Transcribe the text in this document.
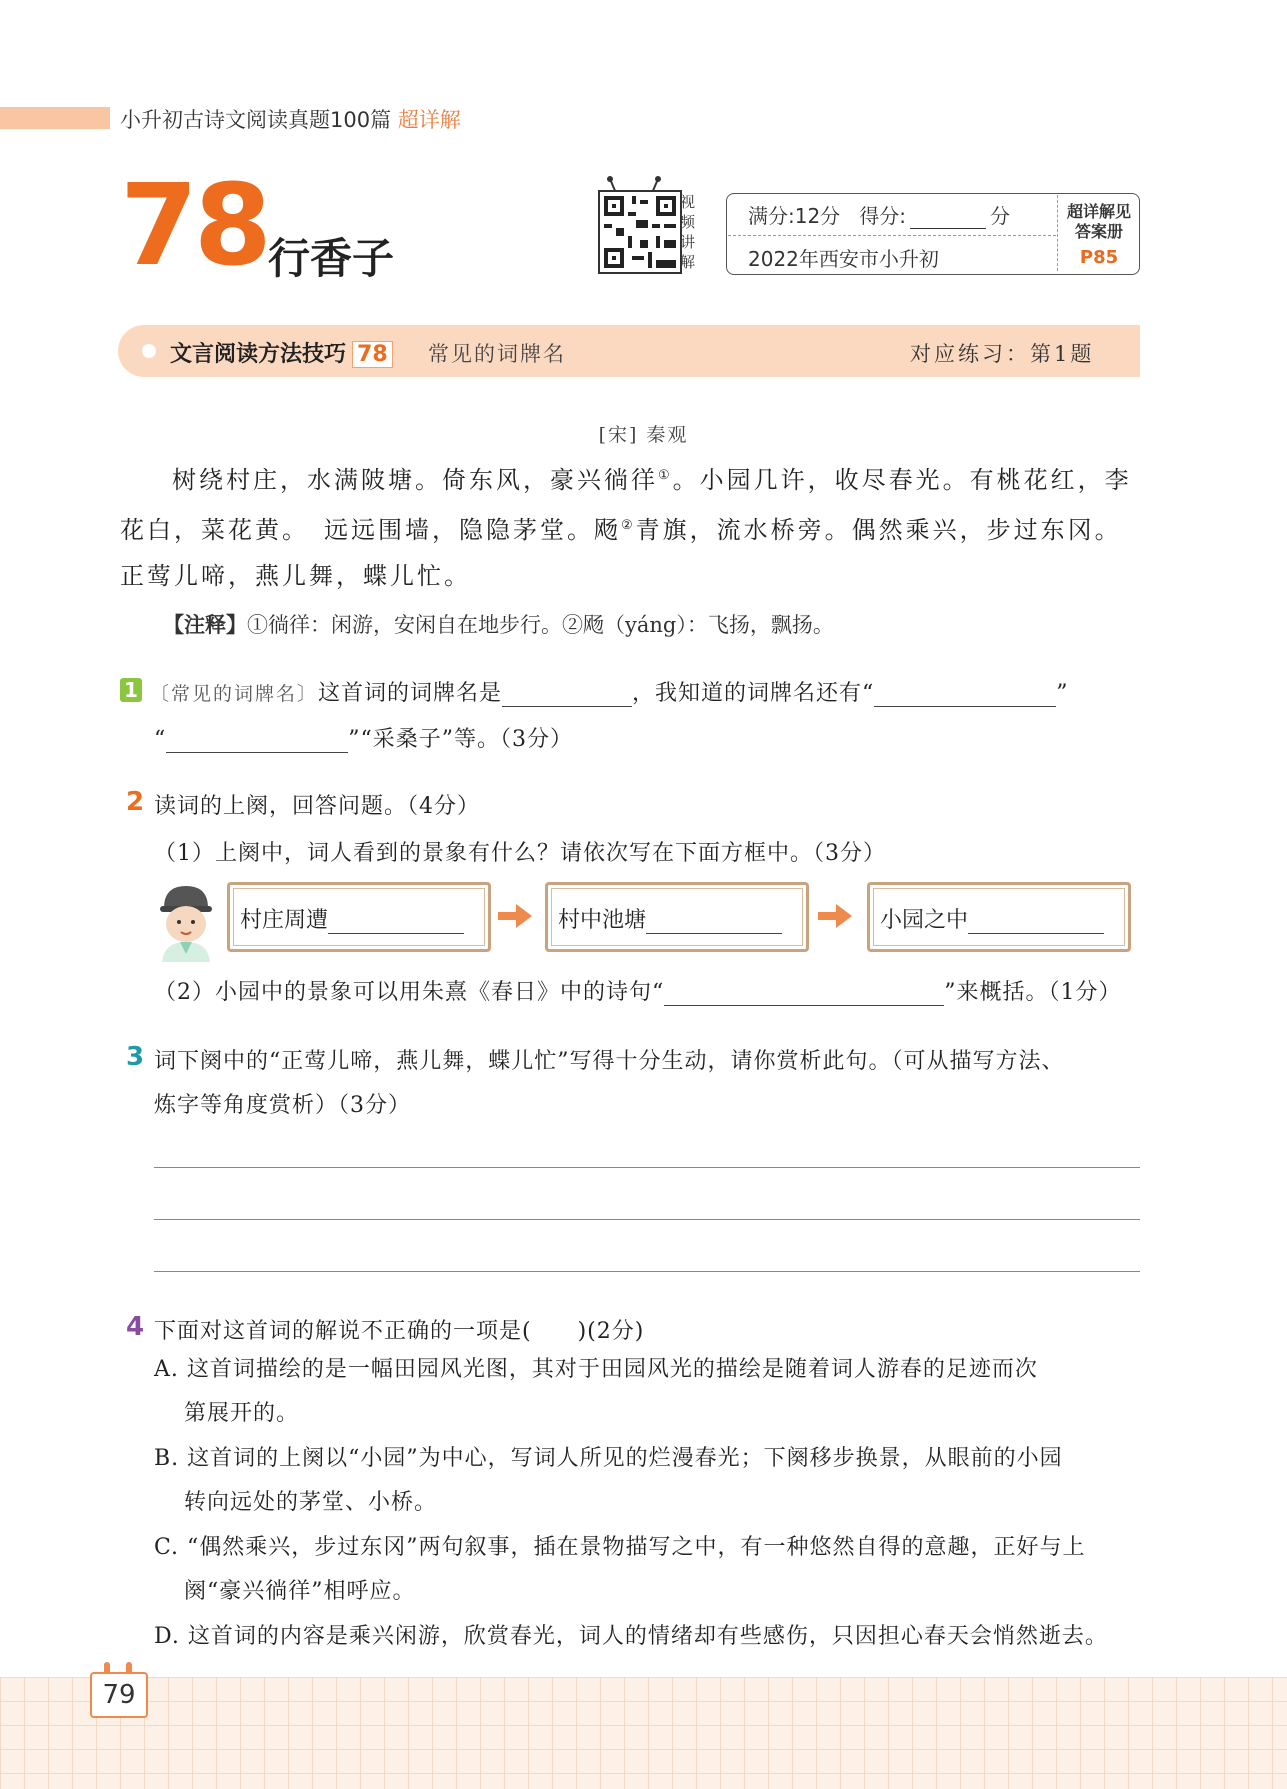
小升初古诗文阅读真题100篇 超详解
78 行香子
视频讲解
满分:12分 得分:	分
2022年西安市小升初
超详解见
答案册
P85
文言阅读方法技巧 78 常见的词牌名	对应练习：第1题
[宋] 秦观
树绕村庄，水满陂塘。倚东风，豪兴徜徉①。小园几许，收尽春光。有桃花红，李花白，菜花黄。　远远围墙，隐隐茅堂。飏②青旗，流水桥旁。偶然乘兴，步过东冈。正莺儿啼，燕儿舞，蝶儿忙。
【注释】①徜徉：闲游，安闲自在地步行。②飏（yáng）：飞扬，飘扬。
1 〔常见的词牌名〕这首词的词牌名是	，我知道的词牌名还有“	”
“	”“采桑子”等。（3分）
2 读词的上阕，回答问题。（4分）
（1）上阕中，词人看到的景象有什么？请依次写在下面方框中。（3分）
村庄周遭	村中池塘	小园之中
（2）小园中的景象可以用朱熹《春日》中的诗句“	”来概括。（1分）
3 词下阕中的“正莺儿啼，燕儿舞，蝶儿忙”写得十分生动，请你赏析此句。（可从描写方法、
炼字等角度赏析）（3分）
4 下面对这首词的解说不正确的一项是(　　)(2分)
A. 这首词描绘的是一幅田园风光图，其对于田园风光的描绘是随着词人游春的足迹而次
第展开的。
B. 这首词的上阕以“小园”为中心，写词人所见的烂漫春光；下阕移步换景，从眼前的小园
转向远处的茅堂、小桥。
C. “偶然乘兴，步过东冈”两句叙事，插在景物描写之中，有一种悠然自得的意趣，正好与上
阕“豪兴徜徉”相呼应。
D. 这首词的内容是乘兴闲游，欣赏春光，词人的情绪却有些感伤，只因担心春天会悄然逝去。
79
